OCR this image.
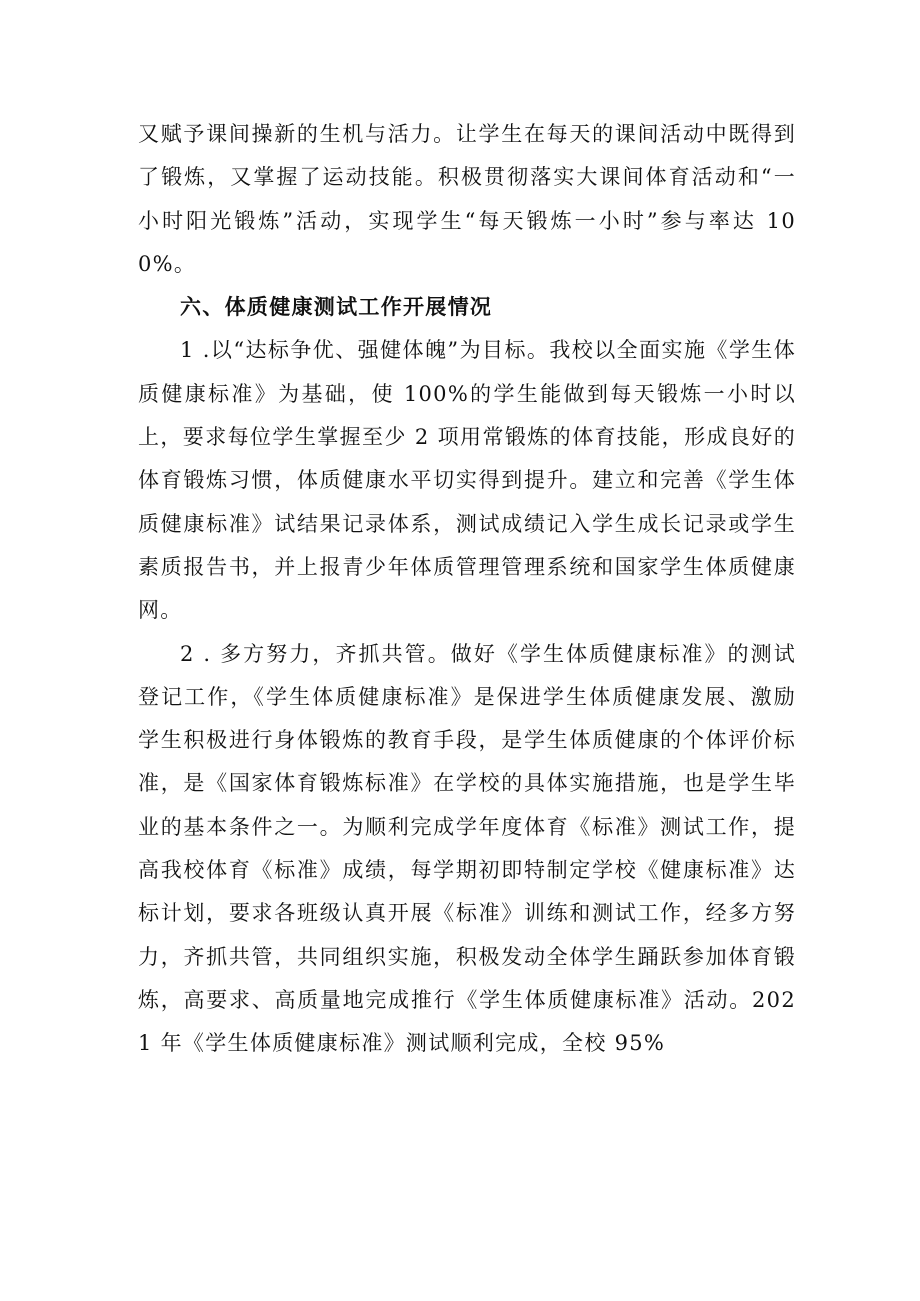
又赋予课间操新的生机与活力。让学生在每天的课间活动中既得到了锻炼，又掌握了运动技能。积极贯彻落实大课间体育活动和“一小时阳光锻炼”活动，实现学生“每天锻炼一小时”参与率达 100%。

六、体质健康测试工作开展情况

1 .以“达标争优、强健体魄”为目标。我校以全面实施《学生体质健康标准》为基础，使 100%的学生能做到每天锻炼一小时以上，要求每位学生掌握至少 2 项用常锻炼的体育技能，形成良好的体育锻炼习惯，体质健康水平切实得到提升。建立和完善《学生体质健康标准》试结果记录体系，测试成绩记入学生成长记录或学生素质报告书，并上报青少年体质管理管理系统和国家学生体质健康网。

2 . 多方努力，齐抓共管。做好《学生体质健康标准》的测试登记工作，《学生体质健康标准》是保进学生体质健康发展、激励学生积极进行身体锻炼的教育手段，是学生体质健康的个体评价标准，是《国家体育锻炼标准》在学校的具体实施措施，也是学生毕业的基本条件之一。为顺利完成学年度体育《标准》测试工作，提高我校体育《标准》成绩，每学期初即特制定学校《健康标准》达标计划，要求各班级认真开展《标准》训练和测试工作，经多方努力，齐抓共管，共同组织实施，积极发动全体学生踊跃参加体育锻炼，高要求、高质量地完成推行《学生体质健康标准》活动。2021 年《学生体质健康标准》测试顺利完成，全校 95%
